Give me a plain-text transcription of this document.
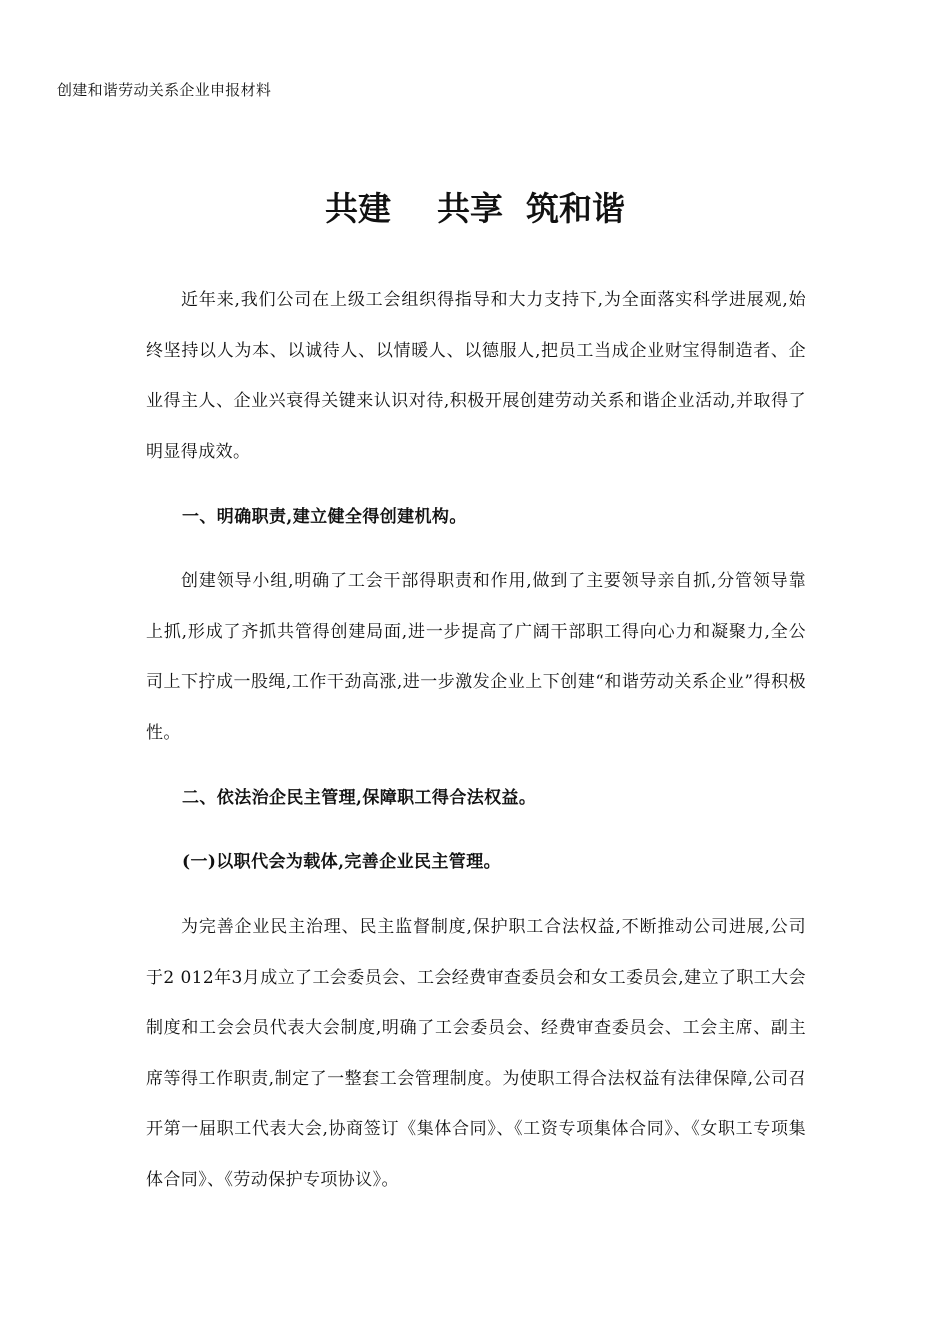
创建和谐劳动关系企业申报材料
共建    共享  筑和谐
近年来,我们公司在上级工会组织得指导和大力支持下,为全面落实科学进展观,始终坚持以人为本、以诚待人、以情暖人、以德服人,把员工当成企业财宝得制造者、企业得主人、企业兴衰得关键来认识对待,积极开展创建劳动关系和谐企业活动,并取得了明显得成效。
一、明确职责,建立健全得创建机构。
创建领导小组,明确了工会干部得职责和作用,做到了主要领导亲自抓,分管领导靠上抓,形成了齐抓共管得创建局面,进一步提高了广阔干部职工得向心力和凝聚力,全公司上下拧成一股绳,工作干劲高涨,进一步激发企业上下创建“和谐劳动关系企业”得积极性。
二、依法治企民主管理,保障职工得合法权益。
(一)以职代会为载体,完善企业民主管理。
为完善企业民主治理、民主监督制度,保护职工合法权益,不断推动公司进展,公司于2 012年3月成立了工会委员会、工会经费审查委员会和女工委员会,建立了职工大会制度和工会会员代表大会制度,明确了工会委员会、经费审查委员会、工会主席、副主席等得工作职责,制定了一整套工会管理制度。为使职工得合法权益有法律保障,公司召开第一届职工代表大会,协商签订《集体合同》、《工资专项集体合同》、《女职工专项集体合同》、《劳动保护专项协议》。
